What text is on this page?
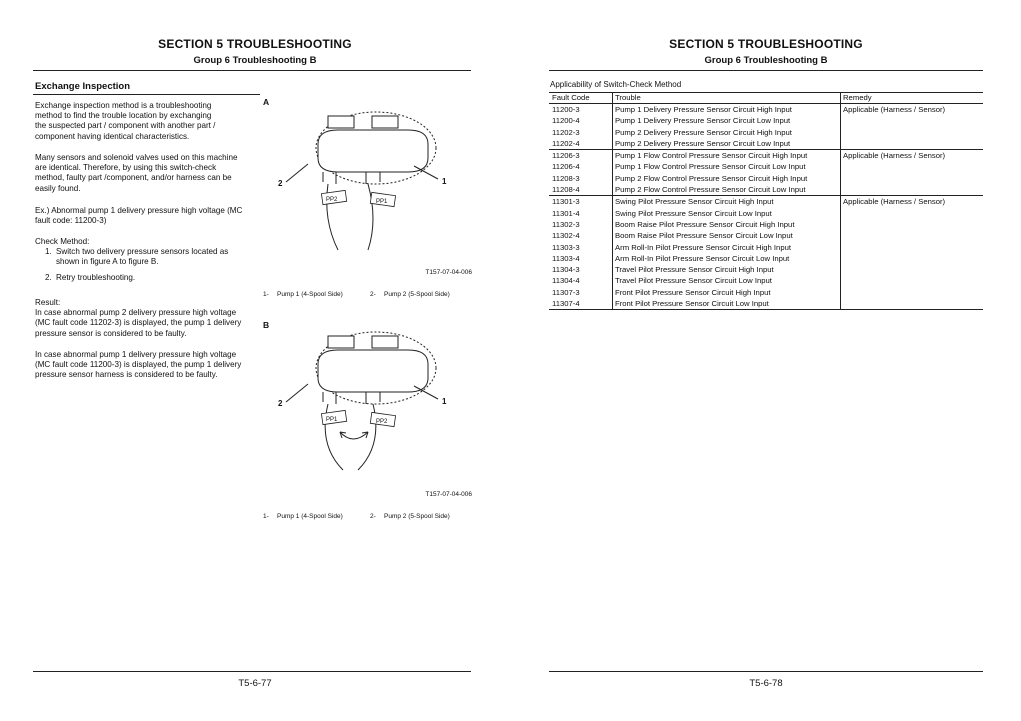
SECTION 5 TROUBLESHOOTING
Group 6 Troubleshooting B
Exchange Inspection

Exchange inspection method is a troubleshooting

method to find the trouble location by exchanging

the suspected part / component with another part /

component having identical characteristics.

Many sensors and solenoid valves used on this machine

are identical. Therefore, by using this switch-check

method, faulty part /component, and/or harness can be

easily found.

Ex.) Abnormal pump 1 delivery pressure high voltage (MC

fault code: 11200-3)

Check Method:
1. Switch two delivery pressure sensors located as
shown in figure A to figure B.
2. Retry troubleshooting.

Result:

In case abnormal pump 2 delivery pressure high voltage

(MC fault code 11202-3) is displayed, the pump 1 delivery

pressure sensor is considered to be faulty.

In case abnormal pump 1 delivery pressure high voltage

(MC fault code 11200-3) is displayed, the pump 1 delivery

pressure sensor harness is considered to be faulty.

A
PP2	PP1
2	1
T157-07-04-006
1-	Pump 1 (4-Spool Side)	2-	Pump 2 (5-Spool Side)
B
PP1	PP2
2	1
T157-07-04-006
1-	Pump 1 (4-Spool Side)	2-	Pump 2 (5-Spool Side)
T5-6-77
SECTION 5 TROUBLESHOOTING
Group 6 Troubleshooting B
Applicability of Switch-Check Method
Fault Code	Trouble	Remedy
11200-3	Pump 1 Delivery Pressure Sensor Circuit High Input	Applicable (Harness / Sensor)
11200-4	Pump 1 Delivery Pressure Sensor Circuit Low Input	
11202-3	Pump 2 Delivery Pressure Sensor Circuit High Input	
11202-4	Pump 2 Delivery Pressure Sensor Circuit Low Input	
11206-3	Pump 1 Flow Control Pressure Sensor Circuit High Input	Applicable (Harness / Sensor)
11206-4	Pump 1 Flow Control Pressure Sensor Circuit Low Input	
11208-3	Pump 2 Flow Control Pressure Sensor Circuit High Input	
11208-4	Pump 2 Flow Control Pressure Sensor Circuit Low Input	
11301-3	Swing Pilot Pressure Sensor Circuit High Input	Applicable (Harness / Sensor)
11301-4	Swing Pilot Pressure Sensor Circuit Low Input	
11302-3	Boom Raise Pilot Pressure Sensor Circuit High Input	
11302-4	Boom Raise Pilot Pressure Sensor Circuit Low Input	
11303-3	Arm Roll-In Pilot Pressure Sensor Circuit High Input	
11303-4	Arm Roll-In Pilot Pressure Sensor Circuit Low Input	
11304-3	Travel Pilot Pressure Sensor Circuit High Input	
11304-4	Travel Pilot Pressure Sensor Circuit Low Input	
11307-3	Front Pilot Pressure Sensor Circuit High Input	
11307-4	Front Pilot Pressure Sensor Circuit Low Input	
T5-6-78
